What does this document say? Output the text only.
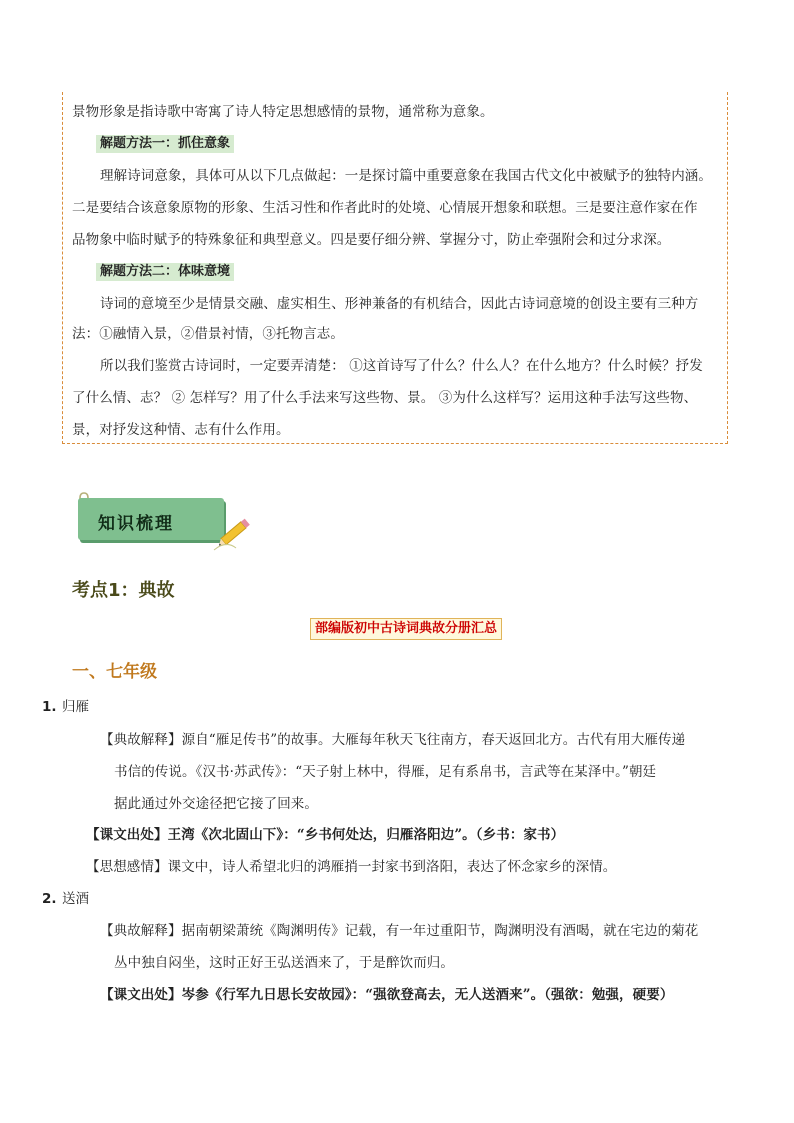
景物形象是指诗歌中寄寓了诗人特定思想感情的景物，通常称为意象。
解题方法一：抓住意象
理解诗词意象，具体可从以下几点做起：一是探讨篇中重要意象在我国古代文化中被赋予的独特内涵。
二是要结合该意象原物的形象、生活习性和作者此时的处境、心情展开想象和联想。三是要注意作家在作
品物象中临时赋予的特殊象征和典型意义。四是要仔细分辨、掌握分寸，防止牵强附会和过分求深。
解题方法二：体味意境
诗词的意境至少是情景交融、虚实相生、形神兼备的有机结合，因此古诗词意境的创设主要有三种方
法：①融情入景，②借景衬情，③托物言志。
所以我们鉴赏古诗词时，一定要弄清楚： ①这首诗写了什么？什么人？在什么地方？什么时候？抒发
了什么情、志？ ② 怎样写？用了什么手法来写这些物、景。 ③为什么这样写？运用这种手法写这些物、
景，对抒发这种情、志有什么作用。
知识梳理
考点1：典故
部编版初中古诗词典故分册汇总
一、七年级
1. 归雁
【典故解释】源自“雁足传书”的故事。大雁每年秋天飞往南方，春天返回北方。古代有用大雁传递
书信的传说。《汉书·苏武传》：“天子射上林中，得雁，足有系帛书，言武等在某泽中。”朝廷
据此通过外交途径把它接了回来。
【课文出处】王湾《次北固山下》：“乡书何处达，归雁洛阳边”。（乡书：家书）
【思想感情】课文中，诗人希望北归的鸿雁捎一封家书到洛阳，表达了怀念家乡的深情。
2. 送酒
【典故解释】据南朝梁萧统《陶渊明传》记载，有一年过重阳节，陶渊明没有酒喝，就在宅边的菊花
丛中独自闷坐，这时正好王弘送酒来了，于是醉饮而归。
【课文出处】岑参《行军九日思长安故园》：“强欲登高去，无人送酒来”。（强欲：勉强，硬要）
